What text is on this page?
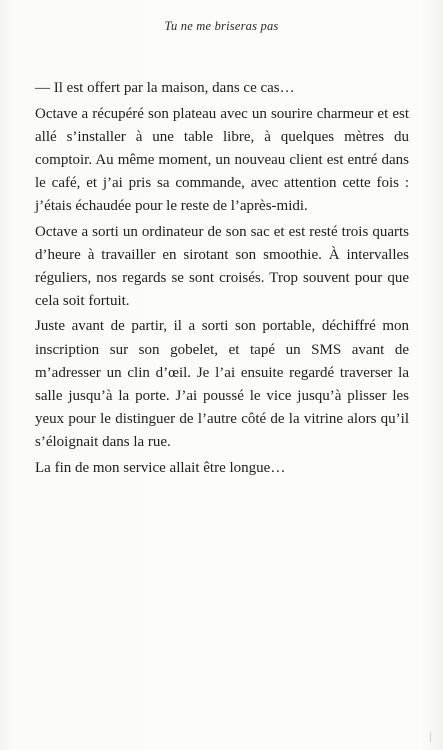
Tu ne me briseras pas

— Il est offert par la maison, dans ce cas…

Octave a récupéré son plateau avec un sourire charmeur et est allé s’installer à une table libre, à quelques mètres du comptoir. Au même moment, un nouveau client est entré dans le café, et j’ai pris sa commande, avec attention cette fois : j’étais échaudée pour le reste de l’après-midi.

Octave a sorti un ordinateur de son sac et est resté trois quarts d’heure à travailler en sirotant son smoothie. À intervalles réguliers, nos regards se sont croisés. Trop souvent pour que cela soit fortuit.

Juste avant de partir, il a sorti son portable, déchiffré mon inscription sur son gobelet, et tapé un SMS avant de m’adresser un clin d’œil. Je l’ai ensuite regardé traverser la salle jusqu’à la porte. J’ai poussé le vice jusqu’à plisser les yeux pour le distinguer de l’autre côté de la vitrine alors qu’il s’éloignait dans la rue.

La fin de mon service allait être longue…
